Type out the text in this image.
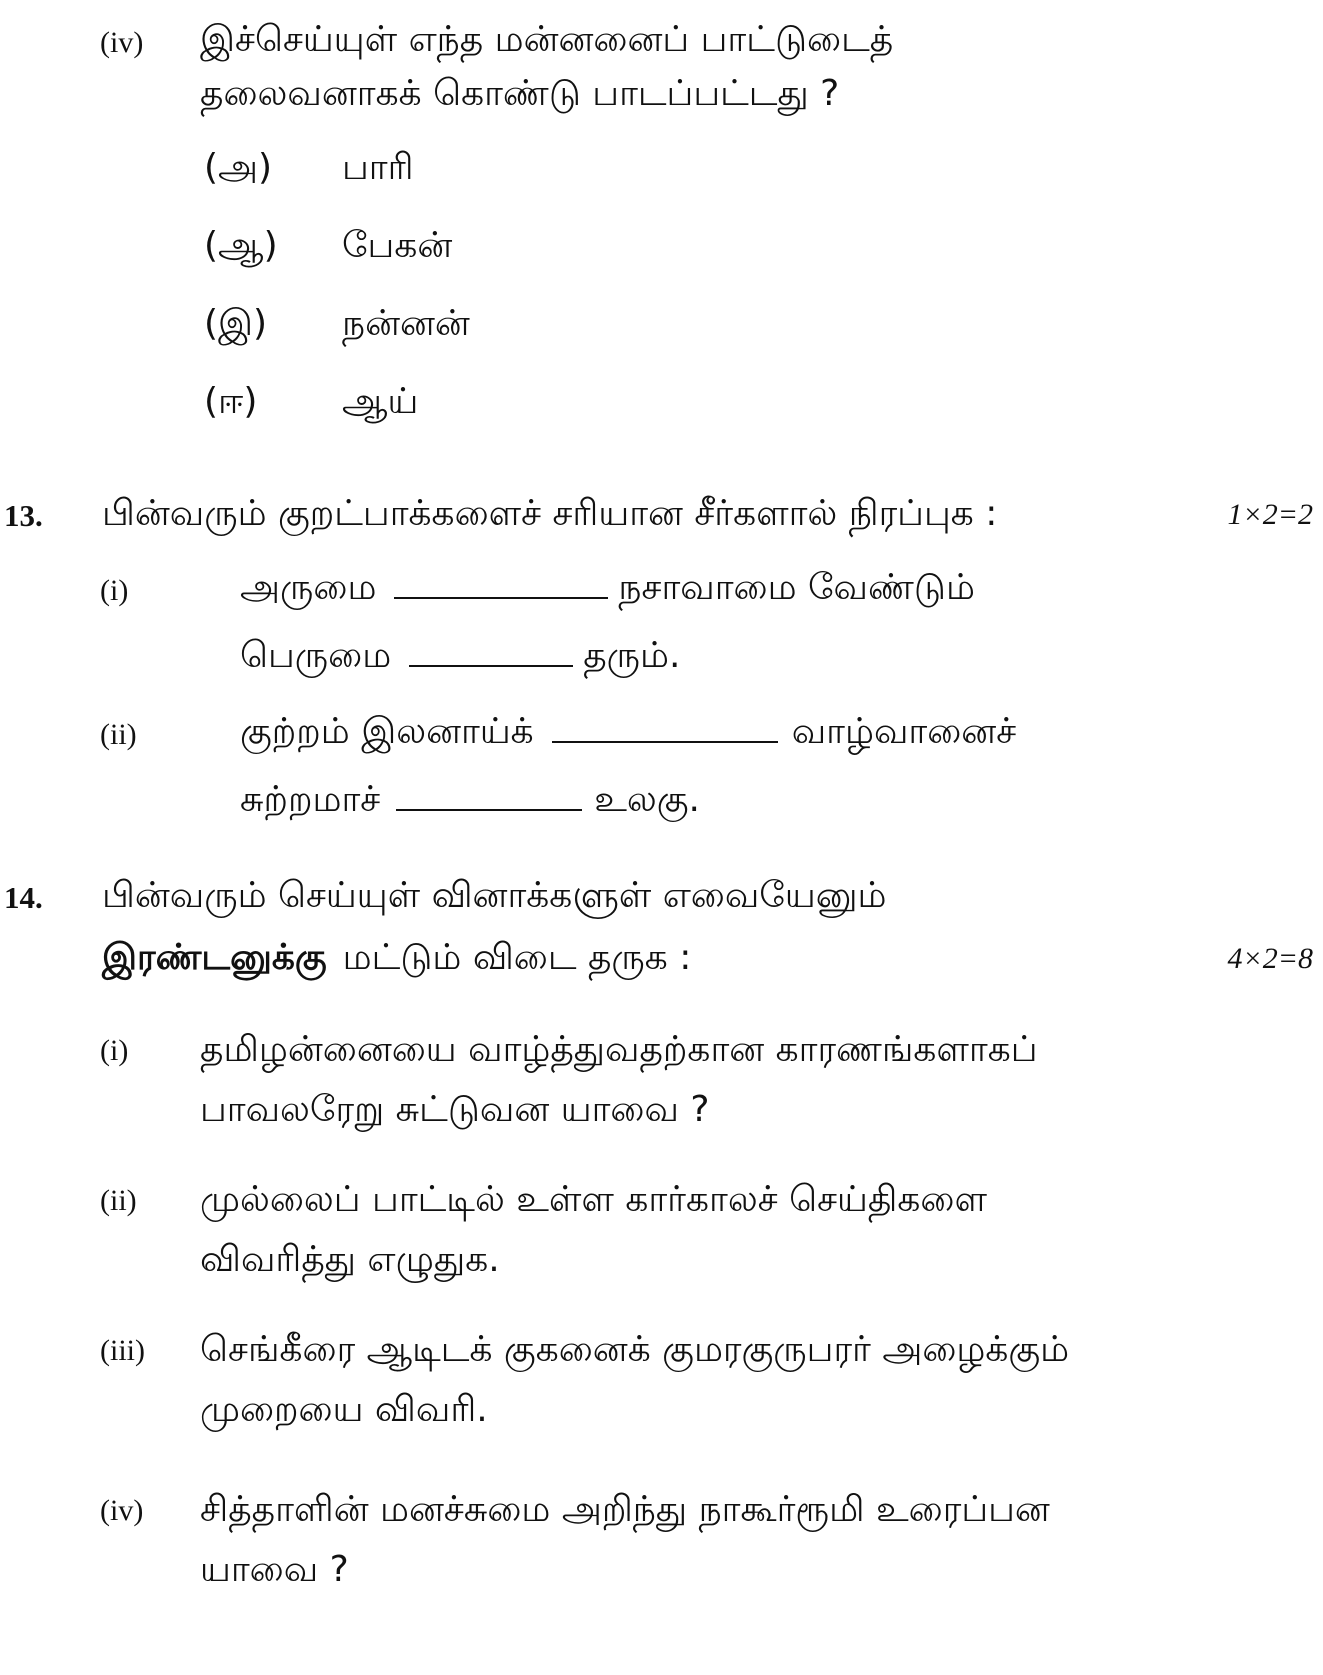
(iv) இச்செய்யுள் எந்த மன்னனைப் பாட்டுடைத்
தலைவனாகக் கொண்டு பாடப்பட்டது ?
(அ) பாரி
(ஆ) பேகன்
(இ) நன்னன்
(ஈ) ஆய்
13. பின்வரும் குறட்பாக்களைச் சரியான சீர்களால் நிரப்புக :	1×2=2
(i)	அருமை	நசாவாமை வேண்டும்
பெருமை	தரும்.
(ii)	குற்றம் இலனாய்க்	வாழ்வானைச்
சுற்றமாச்	உலகு.
14. பின்வரும் செய்யுள் வினாக்களுள் எவையேனும்
இரண்டனுக்கு மட்டும் விடை தருக :	4×2=8
(i) தமிழன்னையை வாழ்த்துவதற்கான காரணங்களாகப்
பாவலரேறு சுட்டுவன யாவை ?
(ii) முல்லைப் பாட்டில் உள்ள கார்காலச் செய்திகளை
விவரித்து எழுதுக.
(iii) செங்கீரை ஆடிடக் குகனைக் குமரகுருபரர் அழைக்கும்
முறையை விவரி.
(iv) சித்தாளின் மனச்சுமை அறிந்து நாகூர்ரூமி உரைப்பன
யாவை ?
